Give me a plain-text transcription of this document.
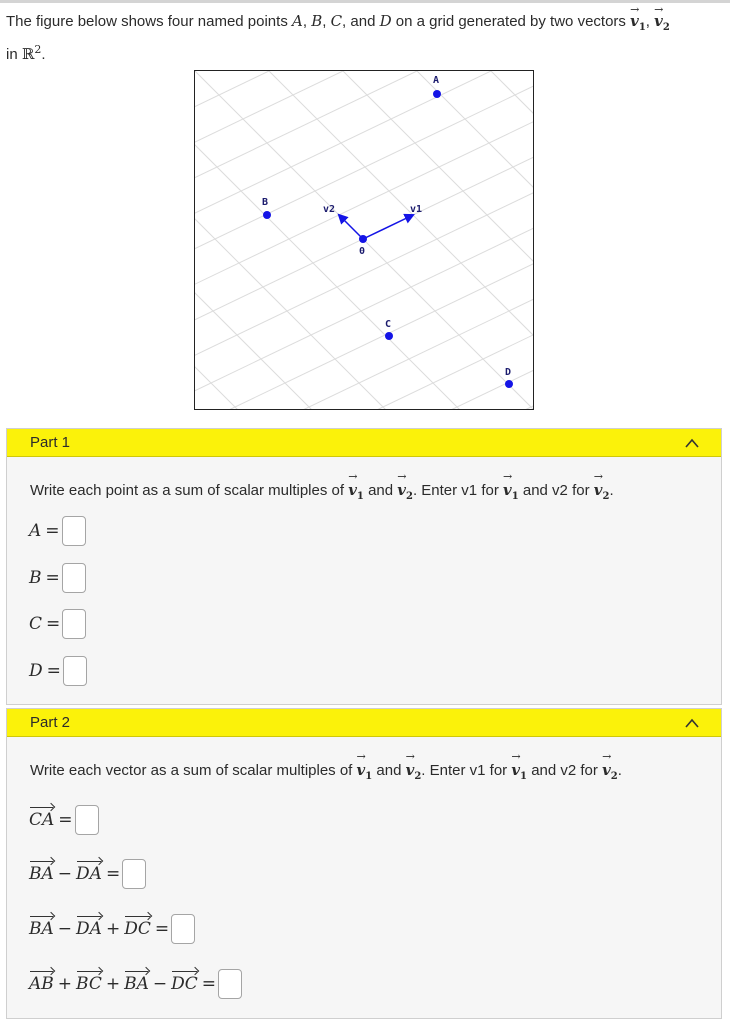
The figure below shows four named points A, B, C, and D on a grid generated by two vectors → $v_1$, → $v_2$
in ℝ$^2$.
A
B
C
D
0
v1
v2
Part 1
Write each point as a sum of scalar multiples of → $v_1$ and → $v_2$. Enter v1 for → $v_1$ and v2 for → $v_2$.
A =
B =
C =
D =
Part 2
Write each vector as a sum of scalar multiples of → $v_1$ and → $v_2$. Enter v1 for → $v_1$ and v2 for → $v_2$.
CA =
BA − DA =
BA − DA + DC =
AB + BC + BA − DC =
